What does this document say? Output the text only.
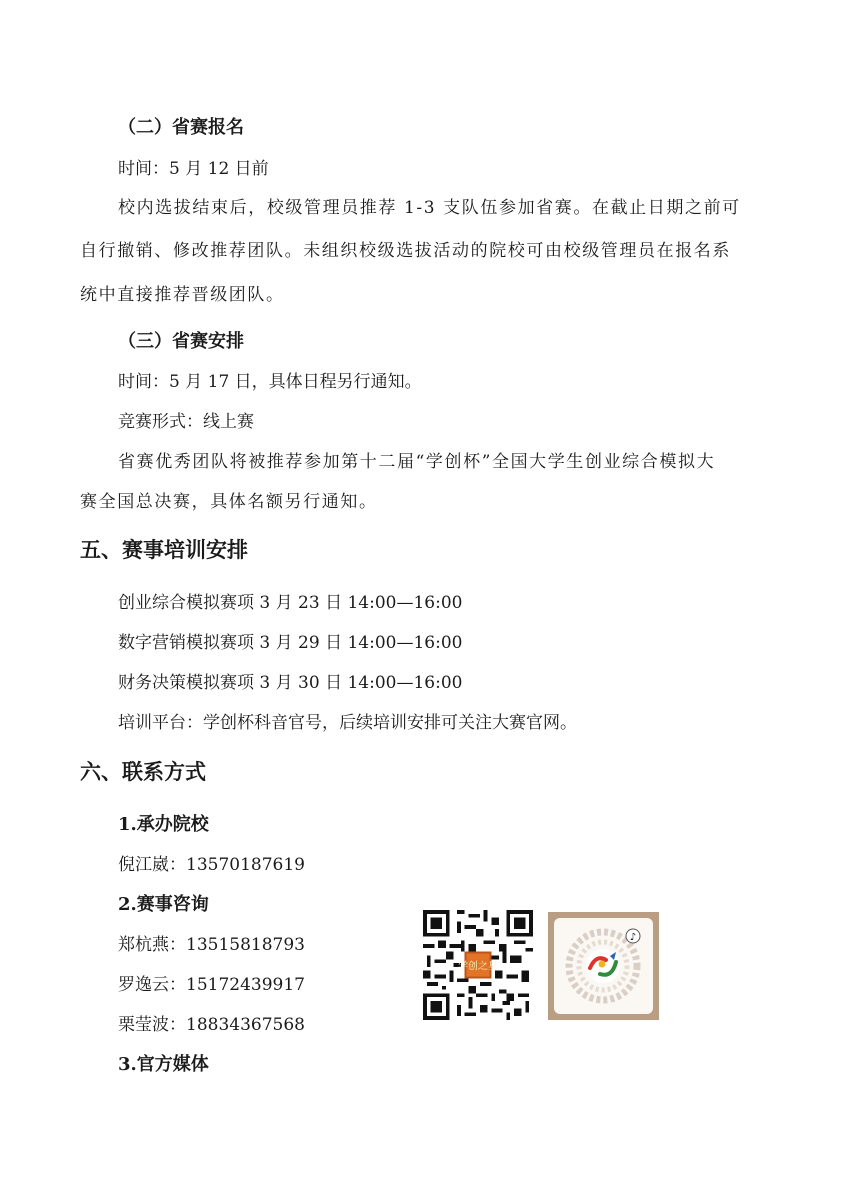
（二）省赛报名
时间：5 月 12 日前
校内选拔结束后，校级管理员推荐 1-3 支队伍参加省赛。在截止日期之前可
自行撤销、修改推荐团队。未组织校级选拔活动的院校可由校级管理员在报名系
统中直接推荐晋级团队。
（三）省赛安排
时间：5 月 17 日，具体日程另行通知。
竞赛形式：线上赛
省赛优秀团队将被推荐参加第十二届“学创杯”全国大学生创业综合模拟大
赛全国总决赛，具体名额另行通知。
五、赛事培训安排
创业综合模拟赛项 3 月 23 日 14:00—16:00
数字营销模拟赛项 3 月 29 日 14:00—16:00
财务决策模拟赛项 3 月 30 日 14:00—16:00
培训平台：学创杯科音官号，后续培训安排可关注大赛官网。
六、联系方式
1.承办院校
倪江崴：13570187619
2.赛事咨询
郑杭燕：13515818793
罗逸云：15172439917
栗莹波：18834367568
3.官方媒体
学创之星
♪
